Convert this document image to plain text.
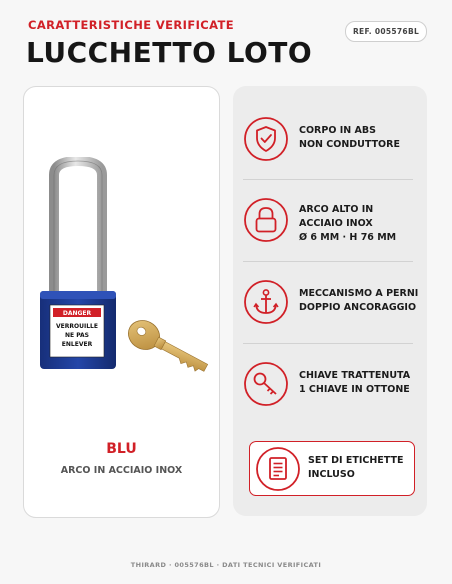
CARATTERISTICHE VERIFICATE
LUCCHETTO LOTO
REF. 005576BL
DANGER
VERROUILLE
NE PAS
ENLEVER
BLU
ARCO IN ACCIAIO INOX
CORPO IN ABS
NON CONDUTTORE
ARCO ALTO IN
ACCIAIO INOX
Ø 6 MM · H 76 MM
MECCANISMO A PERNI
DOPPIO ANCORAGGIO
CHIAVE TRATTENUTA
1 CHIAVE IN OTTONE
SET DI ETICHETTE
INCLUSO
THIRARD · 005576BL · DATI TECNICI VERIFICATI
